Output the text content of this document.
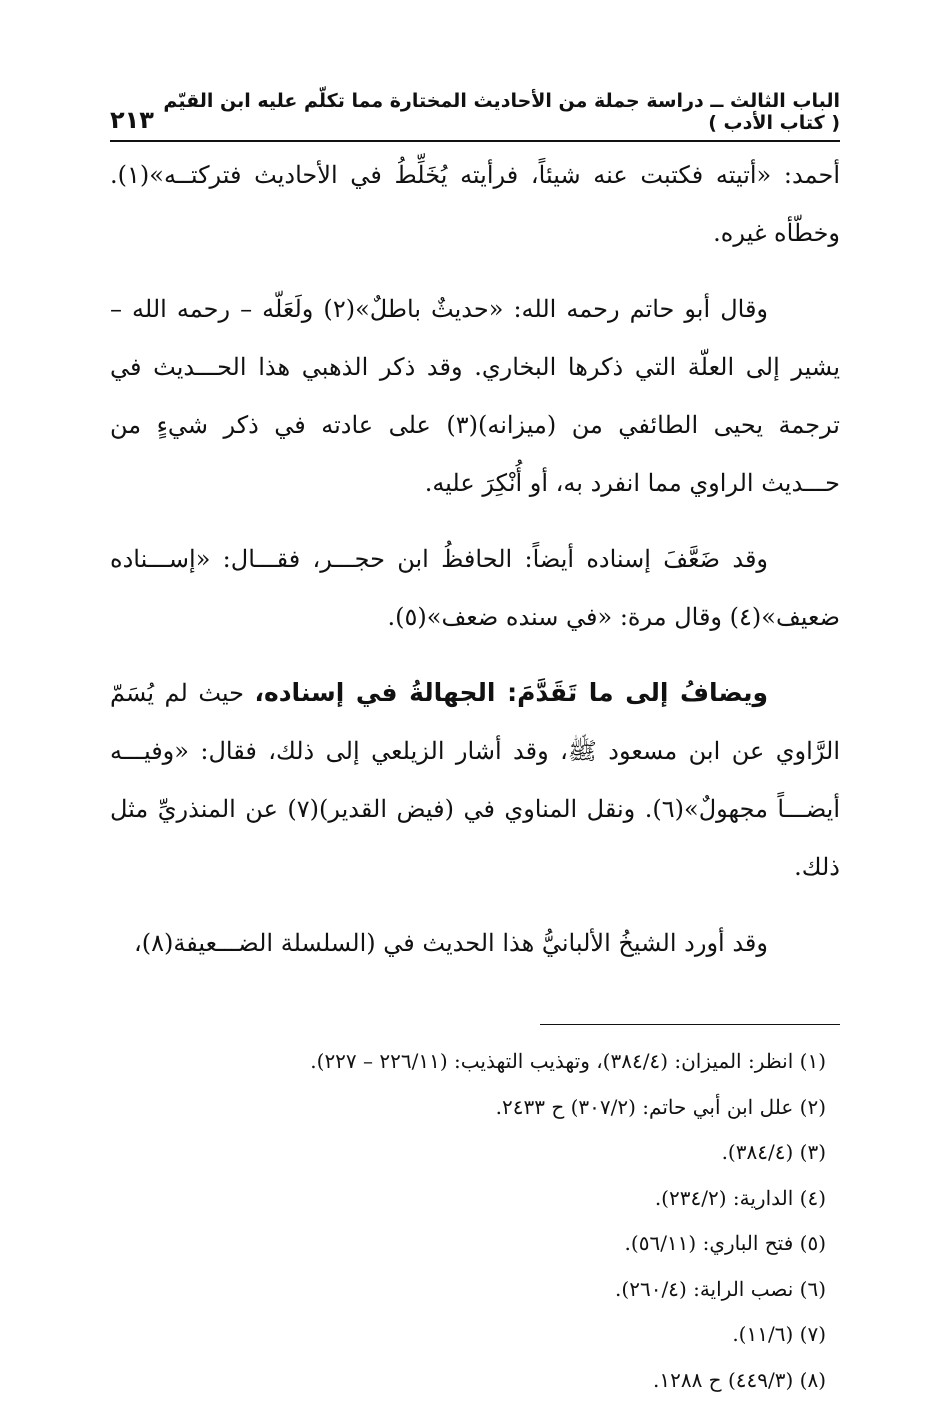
الباب الثالث ــ دراسة جملة من الأحاديث المختارة مما تكلّم عليه ابن القيّم ( كتاب الأدب )
٢١٣

أحمد: «أتيته فكتبت عنه شيئاً، فرأيته يُخَلِّطُ في الأحاديث فتركتــه»(١). وخطّأه غيره.

وقال أبو حاتم رحمه الله: «حديثٌ باطلٌ»(٢) ولَعَلّه – رحمه الله – يشير إلى العلّة التي ذكرها البخاري. وقد ذكر الذهبي هذا الحـــديث في ترجمة يحيى الطائفي من (ميزانه)(٣) على عادته في ذكر شيءٍ من حـــديث الراوي مما انفرد به، أو أُنْكِرَ عليه.

وقد ضَعَّفَ إسناده أيضاً: الحافظُ ابن حجـــر، فقـــال: «إســـناده ضعيف»(٤) وقال مرة: «في سنده ضعف»(٥).

ويضافُ إلى ما تَقَدَّمَ: الجهالةُ في إسناده، حيث لم يُسَمّ الرَّاوي عن ابن مسعود ﷺ، وقد أشار الزيلعي إلى ذلك، فقال: «وفيـــه أيضـــاً مجهولٌ»(٦). ونقل المناوي في (فيض القدير)(٧) عن المنذريِّ مثل ذلك.

وقد أورد الشيخُ الألبانيُّ هذا الحديث في (السلسلة الضـــعيفة(٨)،

(١) انظر: الميزان: (٣٨٤/٤)، وتهذيب التهذيب: (٢٢٦/١١ – ٢٢٧).
(٢) علل ابن أبي حاتم: (٣٠٧/٢) ح ٢٤٣٣.
(٣) (٣٨٤/٤).
(٤) الدارية: (٢٣٤/٢).
(٥) فتح الباري: (٥٦/١١).
(٦) نصب الراية: (٢٦٠/٤).
(٧) (١١/٦).
(٨) (٤٤٩/٣) ح ١٢٨٨.
